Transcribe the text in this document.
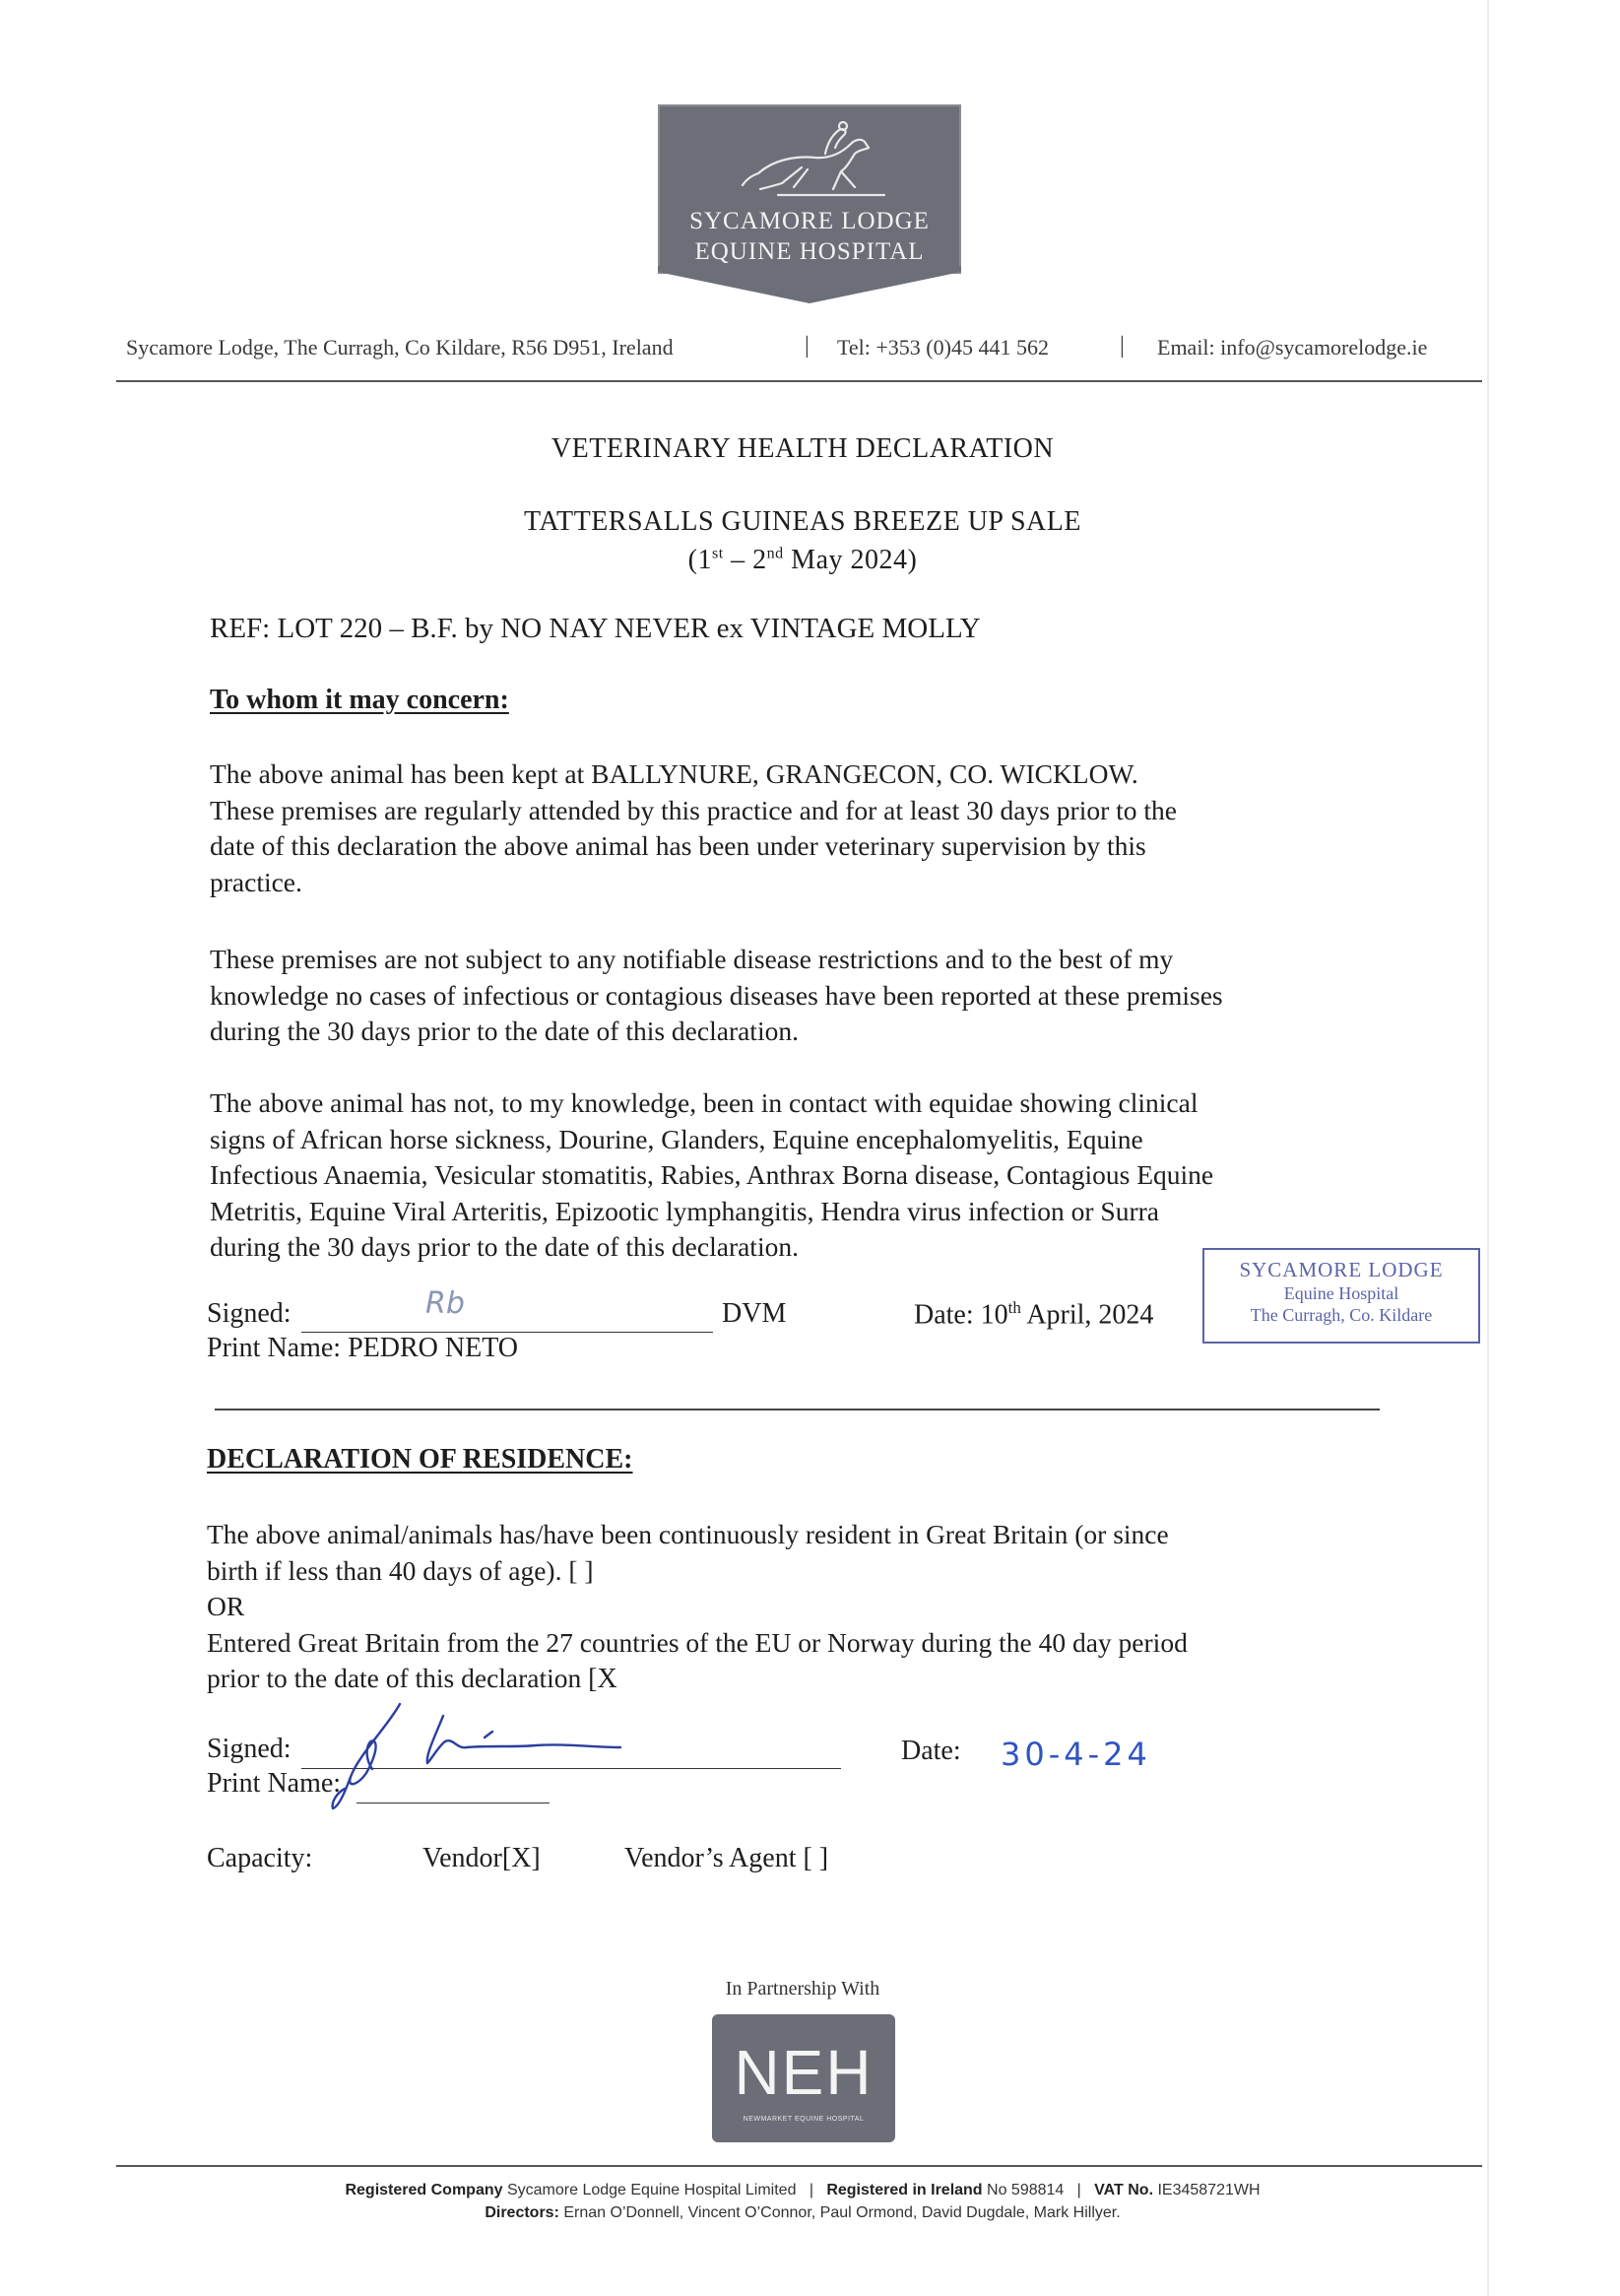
SYCAMORE LODGE
EQUINE HOSPITAL
Sycamore Lodge, The Curragh, Co Kildare, R56 D951, Ireland	| Tel: +353 (0)45 441 562	| Email: info@sycamorelodge.ie
VETERINARY HEALTH DECLARATION
TATTERSALLS GUINEAS BREEZE UP SALE
(1st – 2nd May 2024)
REF: LOT 220 – B.F. by NO NAY NEVER ex VINTAGE MOLLY
To whom it may concern:

The above animal has been kept at BALLYNURE, GRANGECON, CO. WICKLOW.

These premises are regularly attended by this practice and for at least 30 days prior to the

date of this declaration the above animal has been under veterinary supervision by this

practice.

These premises are not subject to any notifiable disease restrictions and to the best of my

knowledge no cases of infectious or contagious diseases have been reported at these premises

during the 30 days prior to the date of this declaration.

The above animal has not, to my knowledge, been in contact with equidae showing clinical

signs of African horse sickness, Dourine, Glanders, Equine encephalomyelitis, Equine

Infectious Anaemia, Vesicular stomatitis, Rabies, Anthrax Borna disease, Contagious Equine

Metritis, Equine Viral Arteritis, Epizootic lymphangitis, Hendra virus infection or Surra

during the 30 days prior to the date of this declaration.

Signed:	Rb	DVM	Date: 10th April, 2024
Print Name: PEDRO NETO
SYCAMORE LODGE
Equine Hospital
The Curragh, Co. Kildare
DECLARATION OF RESIDENCE:

The above animal/animals has/have been continuously resident in Great Britain (or since

birth if less than 40 days of age). [ ]

OR

Entered Great Britain from the 27 countries of the EU or Norway during the 40 day period

prior to the date of this declaration [X

Signed:	Date: 30-4-24
Print Name:
Capacity:	Vendor[X]	Vendor’s Agent [ ]
In Partnership With
NEH
NEWMARKET EQUINE HOSPITAL
Registered Company Sycamore Lodge Equine Hospital Limited | Registered in Ireland No 598814 | VAT No. IE3458721WH
Directors: Ernan O’Donnell, Vincent O’Connor, Paul Ormond, David Dugdale, Mark Hillyer.
